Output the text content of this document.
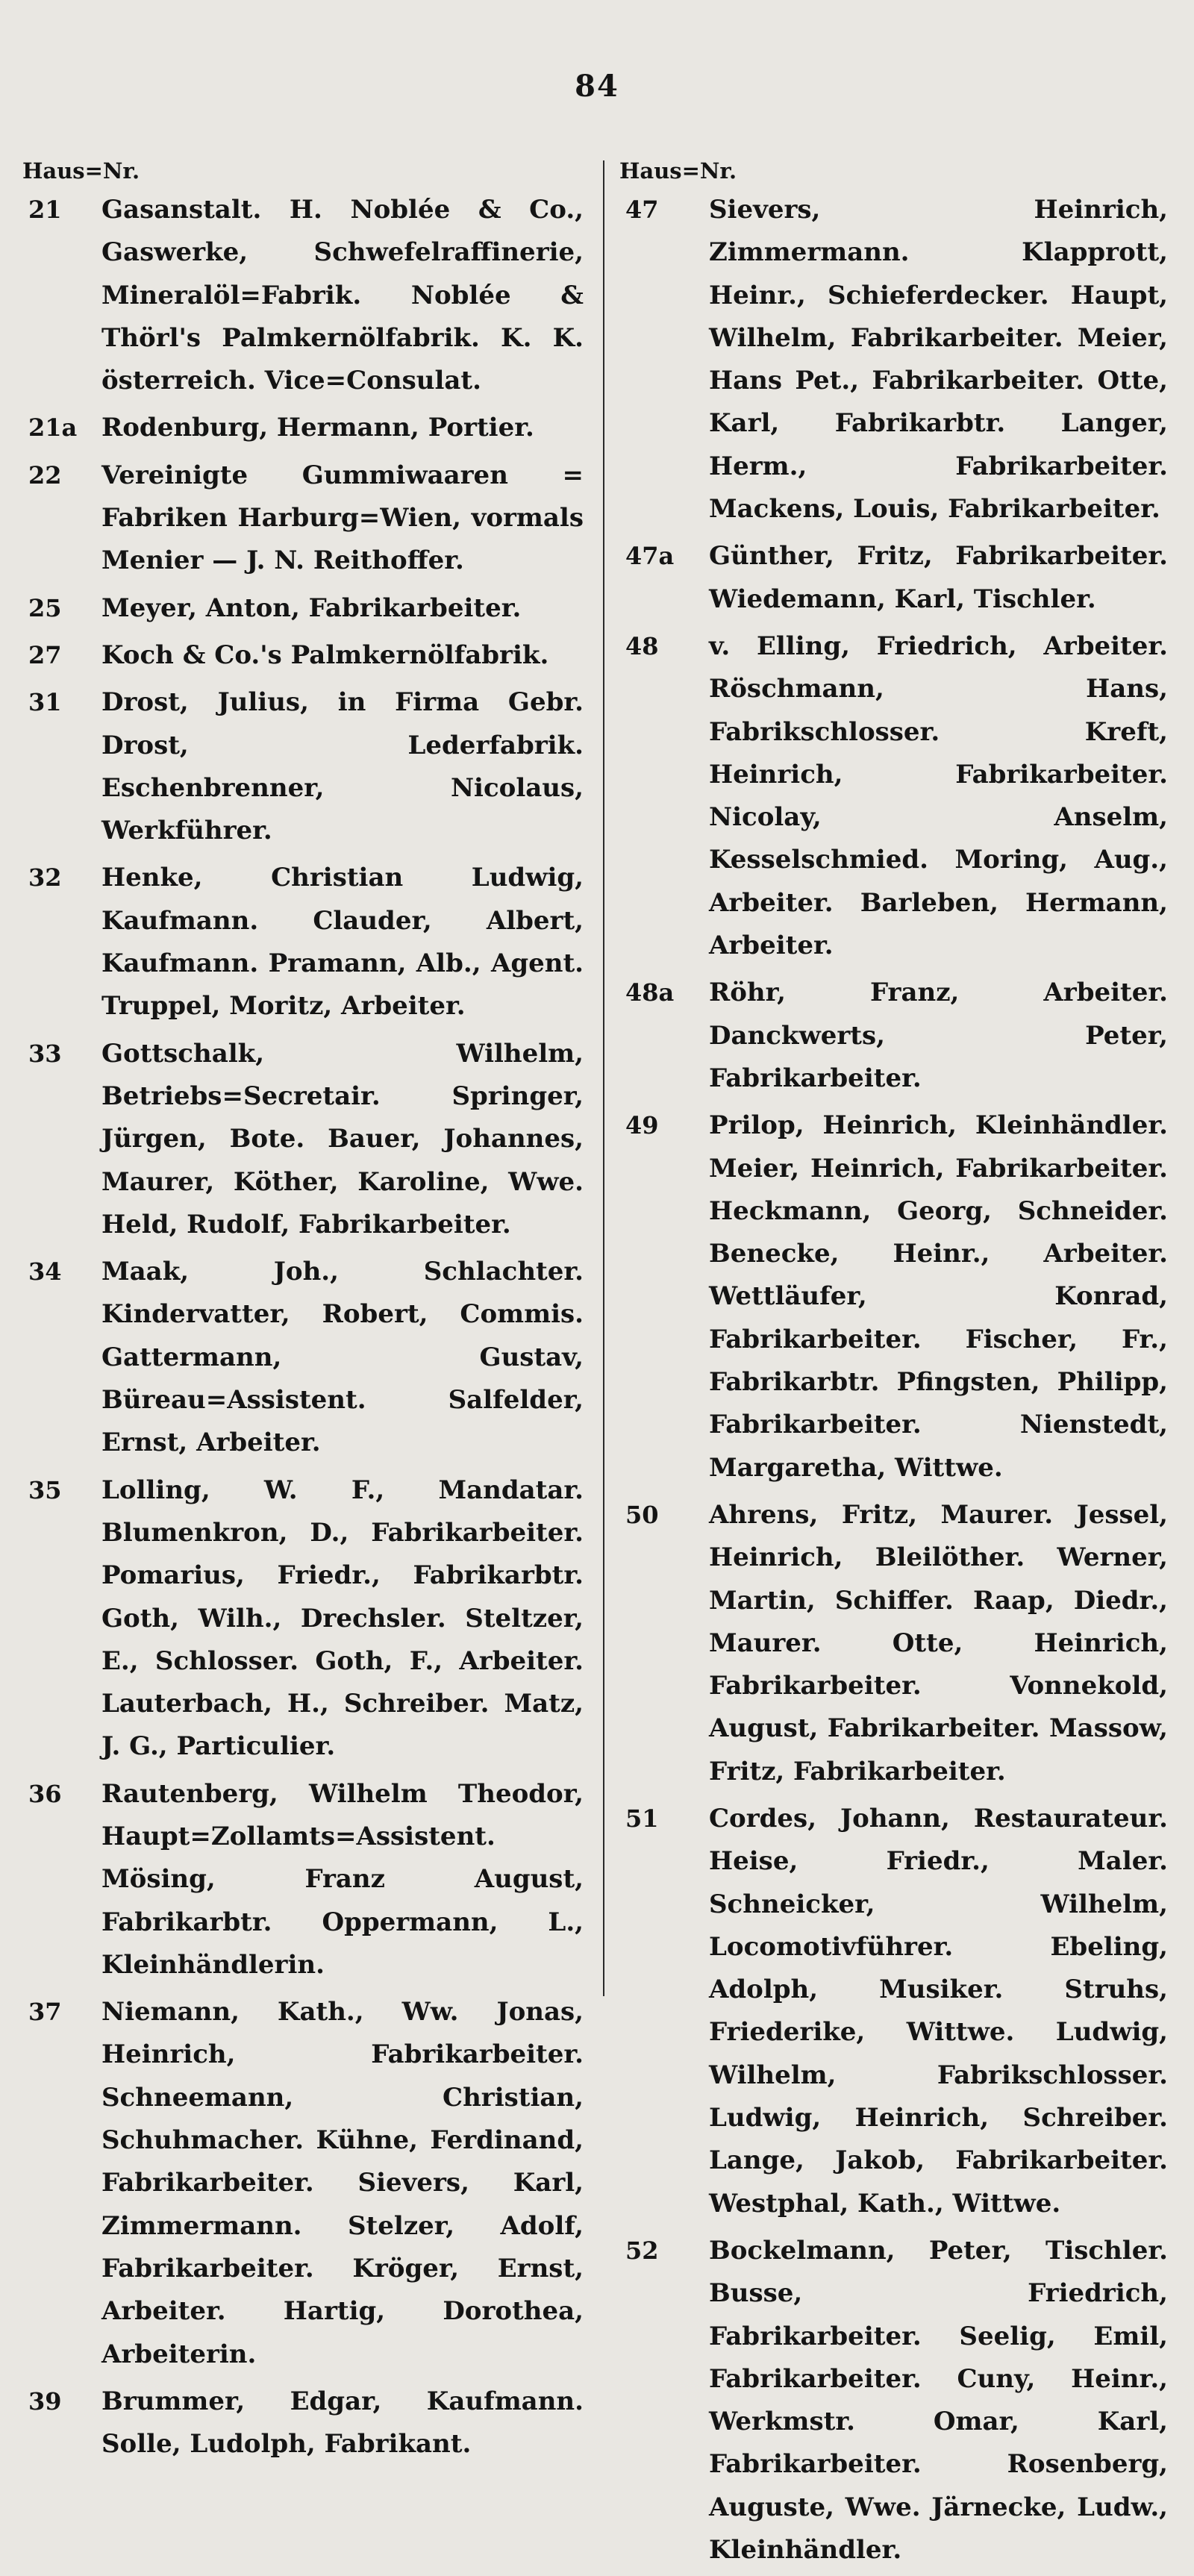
84
Haus=Nr.
21	Gasanstalt. H. Noblée & Co., Gaswerke, Schwefelraffinerie, Mineralöl=Fabrik. Noblée & Thörl's Palmkernölfabrik. K. K. österreich. Vice=Consulat.
21a Rodenburg, Hermann, Portier.
22	Vereinigte Gummiwaaren = Fabriken Harburg=Wien, vormals Menier — J. N. Reithoffer.
25	Meyer, Anton, Fabrikarbeiter.
27	Koch & Co.'s Palmkernölfabrik.
31	Drost, Julius, in Firma Gebr. Drost, Lederfabrik. Eschenbrenner, Nicolaus, Werkführer.
32	Henke, Christian Ludwig, Kaufmann. Clauder, Albert, Kaufmann. Pramann, Alb., Agent. Truppel, Moritz, Arbeiter.
33	Gottschalk, Wilhelm, Betriebs=Secretair. Springer, Jürgen, Bote. Bauer, Johannes, Maurer, Köther, Karoline, Wwe. Held, Rudolf, Fabrikarbeiter.
34	Maak, Joh., Schlachter. Kindervatter, Robert, Commis. Gattermann, Gustav, Büreau=Assistent. Salfelder, Ernst, Arbeiter.
35	Lolling, W. F., Mandatar. Blumenkron, D., Fabrikarbeiter. Pomarius, Friedr., Fabrikarbtr. Goth, Wilh., Drechsler. Steltzer, E., Schlosser. Goth, F., Arbeiter. Lauterbach, H., Schreiber. Matz, J. G., Particulier.
36	Rautenberg, Wilhelm Theodor, Haupt=Zollamts=Assistent. Mösing, Franz August, Fabrikarbtr. Oppermann, L., Kleinhändlerin.
37	Niemann, Kath., Ww. Jonas, Heinrich, Fabrikarbeiter. Schneemann, Christian, Schuhmacher. Kühne, Ferdinand, Fabrikarbeiter. Sievers, Karl, Zimmermann. Stelzer, Adolf, Fabrikarbeiter. Kröger, Ernst, Arbeiter. Hartig, Dorothea, Arbeiterin.
39	Brummer, Edgar, Kaufmann. Solle, Ludolph, Fabrikant.
Haus=Nr.
47	Sievers, Heinrich, Zimmermann. Klapprott, Heinr., Schieferdecker. Haupt, Wilhelm, Fabrikarbeiter. Meier, Hans Pet., Fabrikarbeiter. Otte, Karl, Fabrikarbtr. Langer, Herm., Fabrikarbeiter. Mackens, Louis, Fabrikarbeiter.
47a	Günther, Fritz, Fabrikarbeiter. Wiedemann, Karl, Tischler.
48	v. Elling, Friedrich, Arbeiter. Röschmann, Hans, Fabrikschlosser. Kreft, Heinrich, Fabrikarbeiter. Nicolay, Anselm, Kesselschmied. Moring, Aug., Arbeiter. Barleben, Hermann, Arbeiter.
48a	Röhr, Franz, Arbeiter. Danckwerts, Peter, Fabrikarbeiter.
49	Prilop, Heinrich, Kleinhändler. Meier, Heinrich, Fabrikarbeiter. Heckmann, Georg, Schneider. Benecke, Heinr., Arbeiter. Wettläufer, Konrad, Fabrikarbeiter. Fischer, Fr., Fabrikarbtr. Pfingsten, Philipp, Fabrikarbeiter. Nienstedt, Margaretha, Wittwe.
50	Ahrens, Fritz, Maurer. Jessel, Heinrich, Bleilöther. Werner, Martin, Schiffer. Raap, Diedr., Maurer. Otte, Heinrich, Fabrikarbeiter. Vonnekold, August, Fabrikarbeiter. Massow, Fritz, Fabrikarbeiter.
51	Cordes, Johann, Restaurateur. Heise, Friedr., Maler. Schneicker, Wilhelm, Locomotivführer. Ebeling, Adolph, Musiker. Struhs, Friederike, Wittwe. Ludwig, Wilhelm, Fabrikschlosser. Ludwig, Heinrich, Schreiber. Lange, Jakob, Fabrikarbeiter. Westphal, Kath., Wittwe.
52	Bockelmann, Peter, Tischler. Busse, Friedrich, Fabrikarbeiter. Seelig, Emil, Fabrikarbeiter. Cuny, Heinr., Werkmstr. Omar, Karl, Fabrikarbeiter. Rosenberg, Auguste, Wwe. Järnecke, Ludw., Kleinhändler.
